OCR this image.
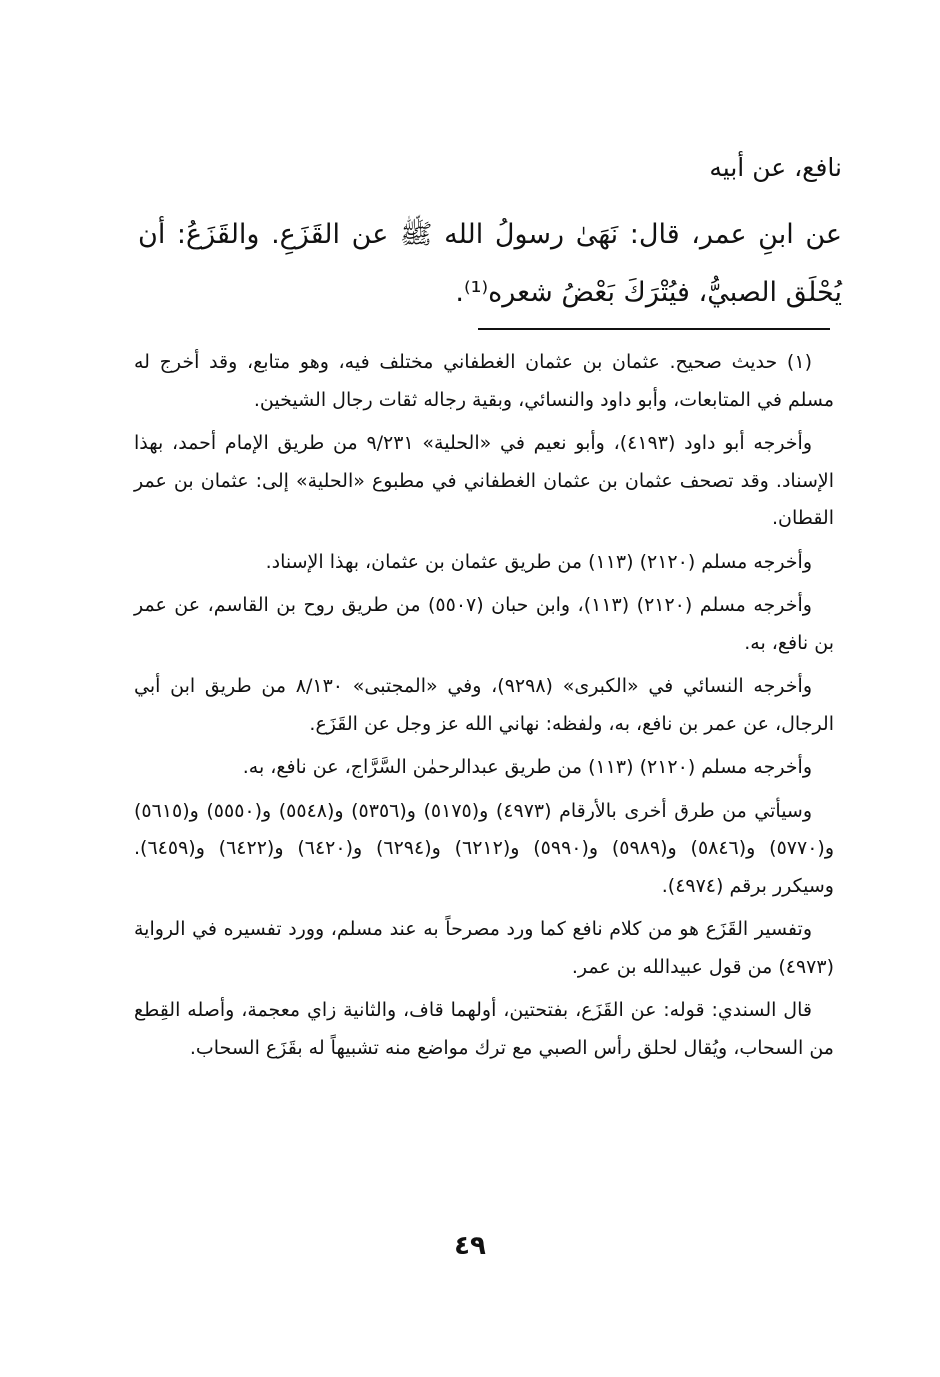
نافع، عن أبيه
عن ابنِ عمر، قال: نَهَىٰ رسولُ الله ﷺ عن القَزَعِ. والقَزَعُ: أن يُحْلَق الصبيُّ، فيُتْرَكَ بَعْضُ شعره⁽¹⁾.

(١) حديث صحيح. عثمان بن عثمان الغطفاني مختلف فيه، وهو متابع، وقد أخرج له مسلم في المتابعات، وأبو داود والنسائي، وبقية رجاله ثقات رجال الشيخين.

وأخرجه أبو داود (٤١٩٣)، وأبو نعيم في «الحلية» ٩/٢٣١ من طريق الإمام أحمد، بهذا الإسناد. وقد تصحف عثمان بن عثمان الغطفاني في مطبوع «الحلية» إلى: عثمان بن عمر القطان.

وأخرجه مسلم (٢١٢٠) (١١٣) من طريق عثمان بن عثمان، بهذا الإسناد.

وأخرجه مسلم (٢١٢٠) (١١٣)، وابن حبان (٥٥٠٧) من طريق روح بن القاسم، عن عمر بن نافع، به.

وأخرجه النسائي في «الكبرى» (٩٢٩٨)، وفي «المجتبى» ٨/١٣٠ من طريق ابن أبي الرجال، عن عمر بن نافع، به، ولفظه: نهاني الله عز وجل عن القَزَع.

وأخرجه مسلم (٢١٢٠) (١١٣) من طريق عبدالرحمٰن السَّرَّاج، عن نافع، به.

وسيأتي من طرق أخرى بالأرقام (٤٩٧٣) و(٥١٧٥) و(٥٣٥٦) و(٥٥٤٨) و(٥٥٥٠) و(٥٦١٥) و(٥٧٧٠) و(٥٨٤٦) و(٥٩٨٩) و(٥٩٩٠) و(٦٢١٢) و(٦٢٩٤) و(٦٤٢٠) و(٦٤٢٢) و(٦٤٥٩). وسيكرر برقم (٤٩٧٤).

وتفسير القَزَع هو من كلام نافع كما ورد مصرحاً به عند مسلم، وورد تفسيره في الرواية (٤٩٧٣) من قول عبيدالله بن عمر.

قال السندي: قوله: عن القَزَع، بفتحتين، أولهما قاف، والثانية زاي معجمة، وأصله القِطع من السحاب، ويُقال لحلق رأس الصبي مع ترك مواضع منه تشبيهاً له بقَزَع السحاب.

٤٩
